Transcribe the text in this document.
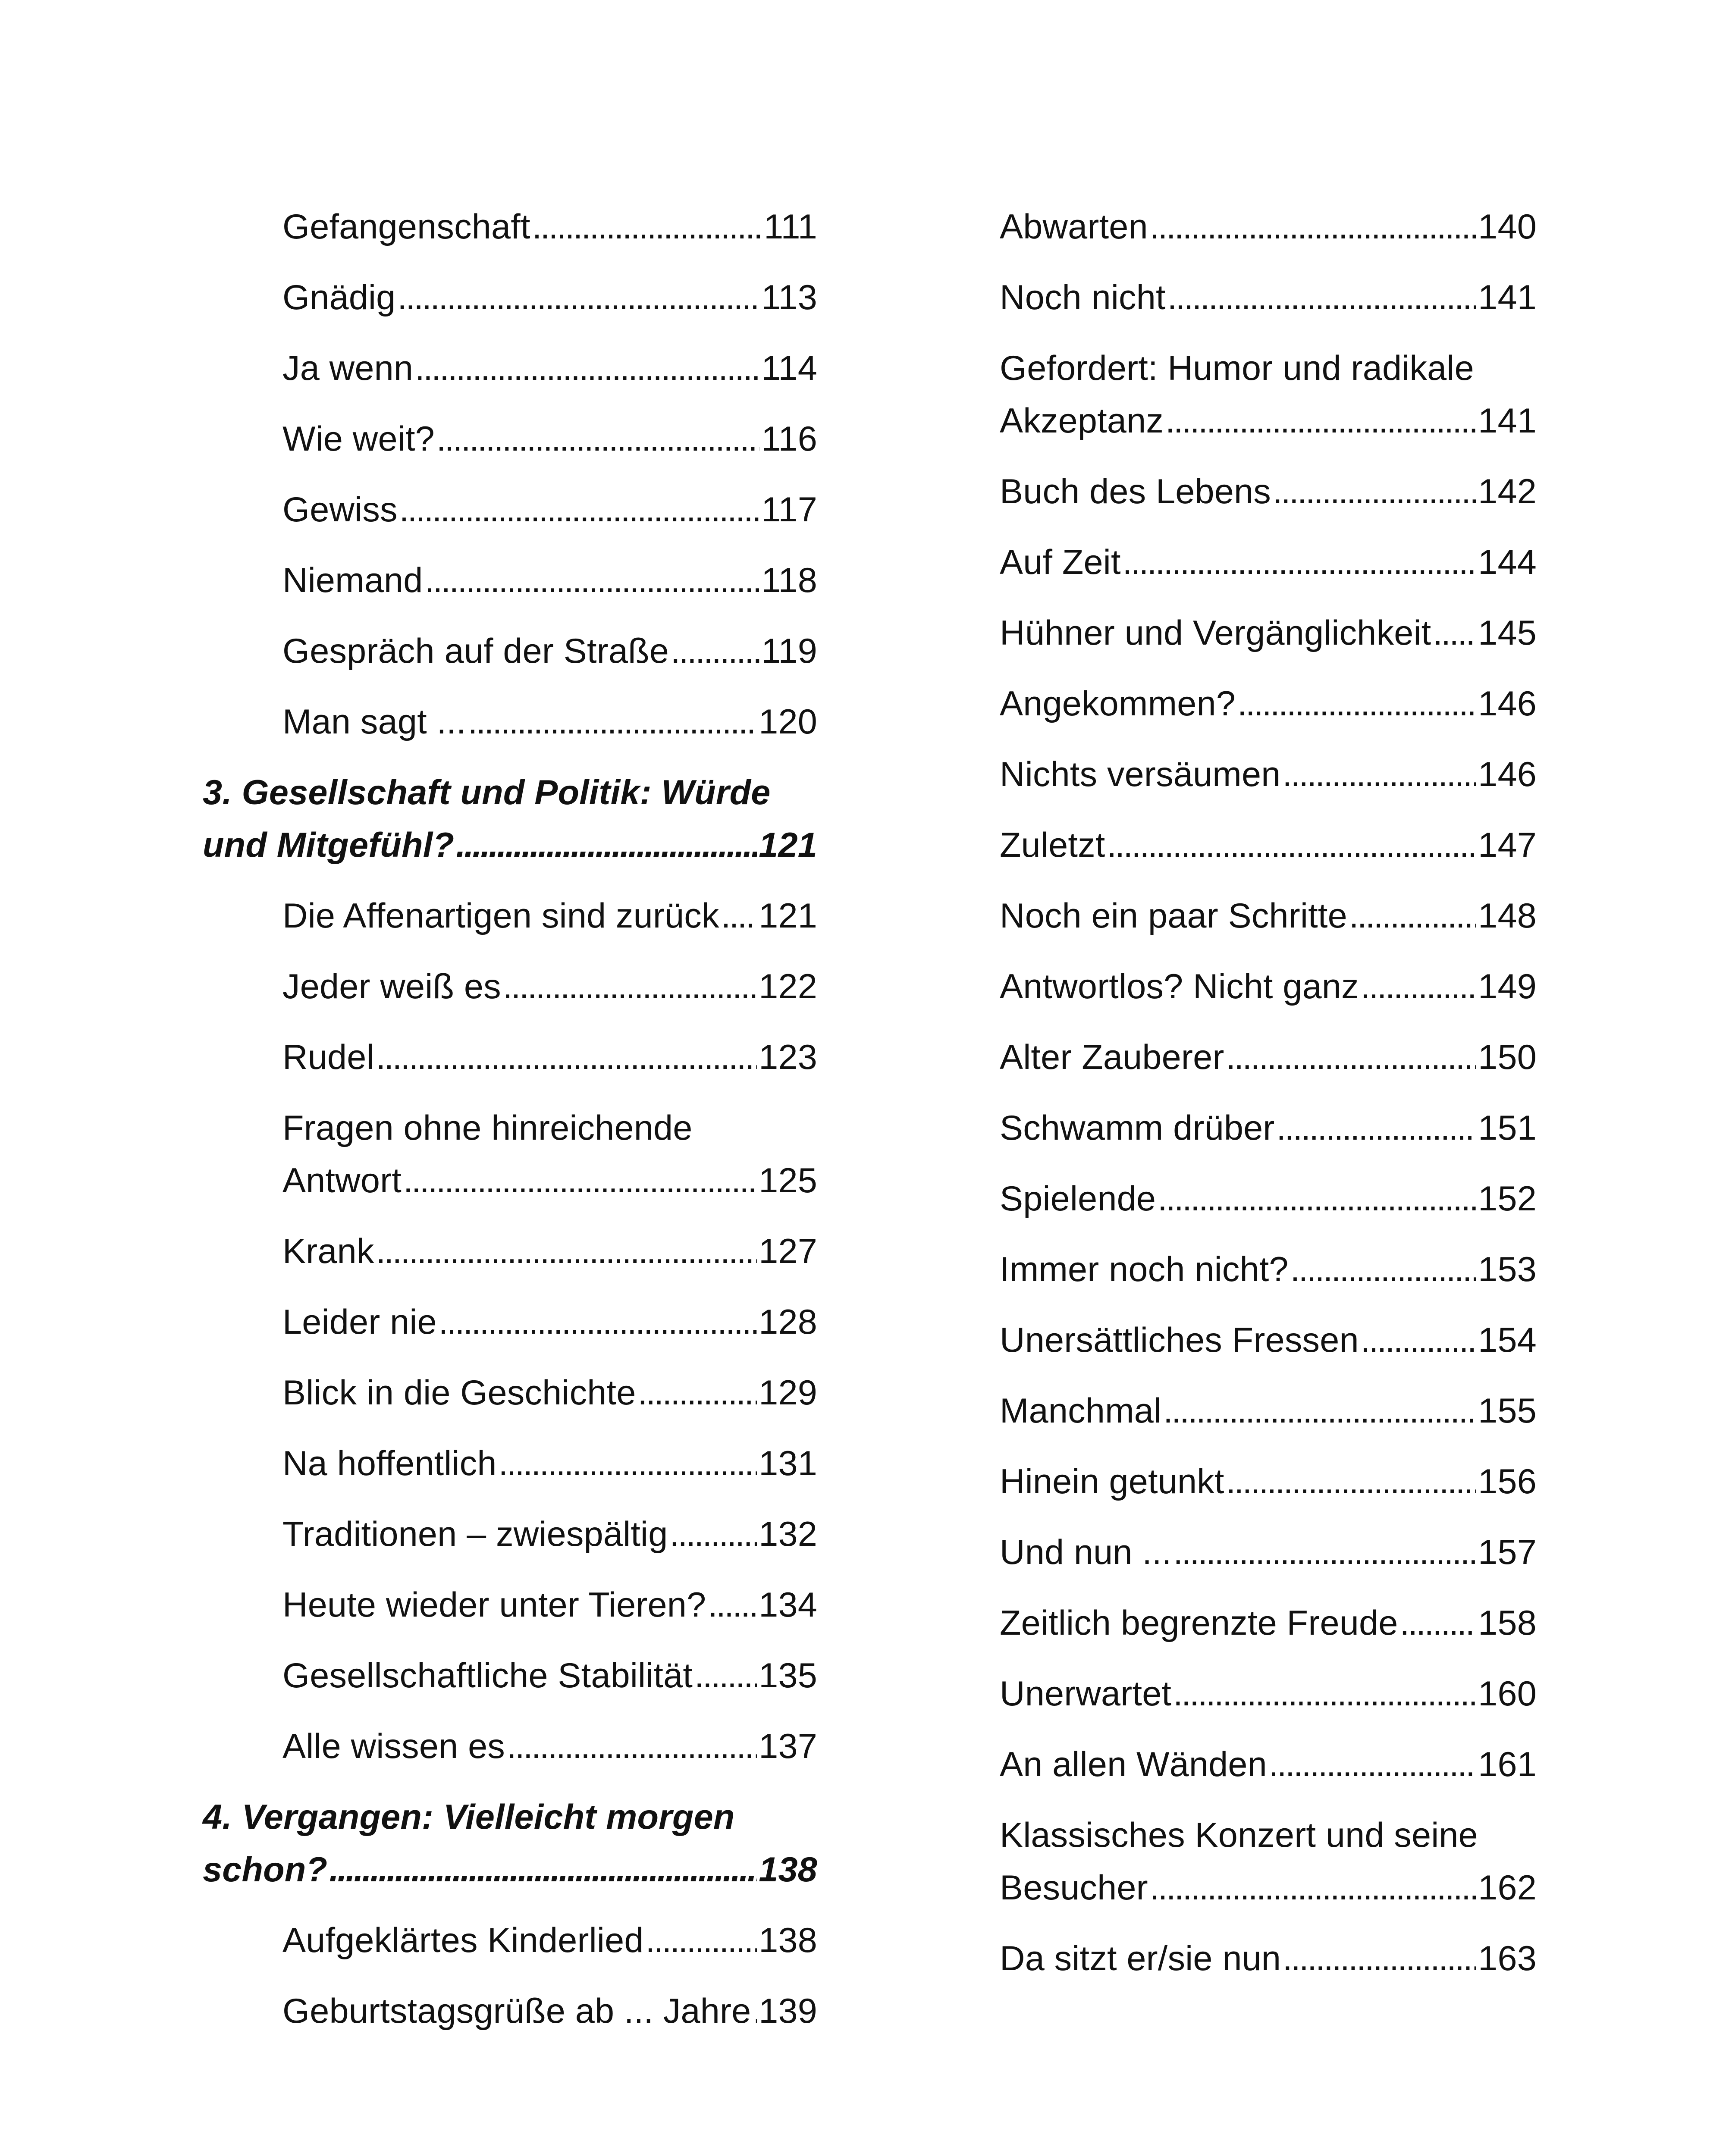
Gefangenschaft . . .	111
Gnädig . . .	113
Ja wenn . . .	114
Wie weit? . . .	116
Gewiss . . .	117
Niemand . . .	118
Gespräch auf der Straße . . .	119
Man sagt ... . . .	120
3. Gesellschaft und Politik: Würde
und Mitgefühl? . . .	121
Die Affenartigen sind zurück . . . 121
Jeder weiß es . . .	122
Rudel . . .	123
Fragen ohne hinreichende
Antwort . . .	125
Krank . . .	127
Leider nie . . .	128
Blick in die Geschichte . . .	129
Na hoffentlich . . .	131
Traditionen – zwiespältig . . .	132
Heute wieder unter Tieren? . . . 134
Gesellschaftliche Stabilität . . . 135
Alle wissen es . . .	137
4. Vergangen: Vielleicht morgen
schon? . . .	138
Aufgeklärtes Kinderlied . . .	138
Geburtstagsgrüße ab ... Jahre . . . 139
Abwarten . . .	140
Noch nicht . . .	141
Gefordert: Humor und radikale
Akzeptanz . . .	141
Buch des Lebens . . .	142
Auf Zeit . . .	144
Hühner und Vergänglichkeit . . . 145
Angekommen? . . .	146
Nichts versäumen . . .	146
Zuletzt . . .	147
Noch ein paar Schritte . . .	148
Antwortlos? Nicht ganz . . .	149
Alter Zauberer . . .	150
Schwamm drüber . . .	151
Spielende . . .	152
Immer noch nicht? . . .	153
Unersättliches Fressen . . .	154
Manchmal . . .	155
Hinein getunkt . . .	156
Und nun ... . . .	157
Zeitlich begrenzte Freude . . . 158
Unerwartet . . .	160
An allen Wänden . . .	161
Klassisches Konzert und seine
Besucher . . .	162
Da sitzt er/sie nun . . .	163
